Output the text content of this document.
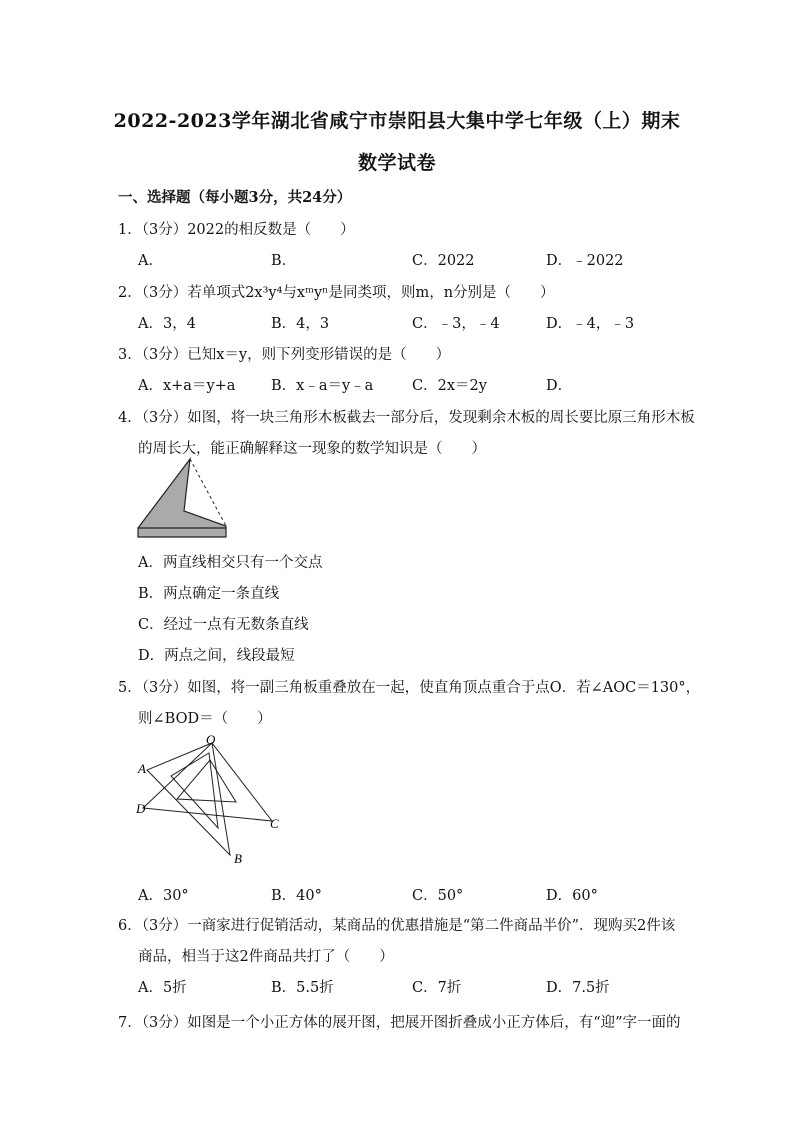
2022-2023学年湖北省咸宁市崇阳县大集中学七年级（上）期末
数学试卷
一、选择题（每小题3分，共24分）
1．（3分）2022的相反数是（　　）
A．	B．	C．2022	D．﹣2022
2．（3分）若单项式2x³y⁴与xᵐyⁿ是同类项，则m，n分别是（　　）
A．3，4	B．4，3	C．﹣3，﹣4	D．﹣4，﹣3
3．（3分）已知x＝y，则下列变形错误的是（　　）
A．x+a＝y+a B．x﹣a＝y﹣a	C．2x＝2y	D．
4．（3分）如图，将一块三角形木板截去一部分后，发现剩余木板的周长要比原三角形木板
的周长大，能正确解释这一现象的数学知识是（　　）
A．两直线相交只有一个交点
B．两点确定一条直线
C．经过一点有无数条直线
D．两点之间，线段最短
5．（3分）如图，将一副三角板重叠放在一起，使直角顶点重合于点O．若∠AOC＝130°，
则∠BOD＝（　　）
O
A
D
C
B
A．30°	B．40°	C．50°	D．60°
6．（3分）一商家进行促销活动，某商品的优惠措施是“第二件商品半价”．现购买2件该
商品，相当于这2件商品共打了（　　）
A．5折	B．5.5折	C．7折	D．7.5折
7．（3分）如图是一个小正方体的展开图，把展开图折叠成小正方体后，有“迎”字一面的
